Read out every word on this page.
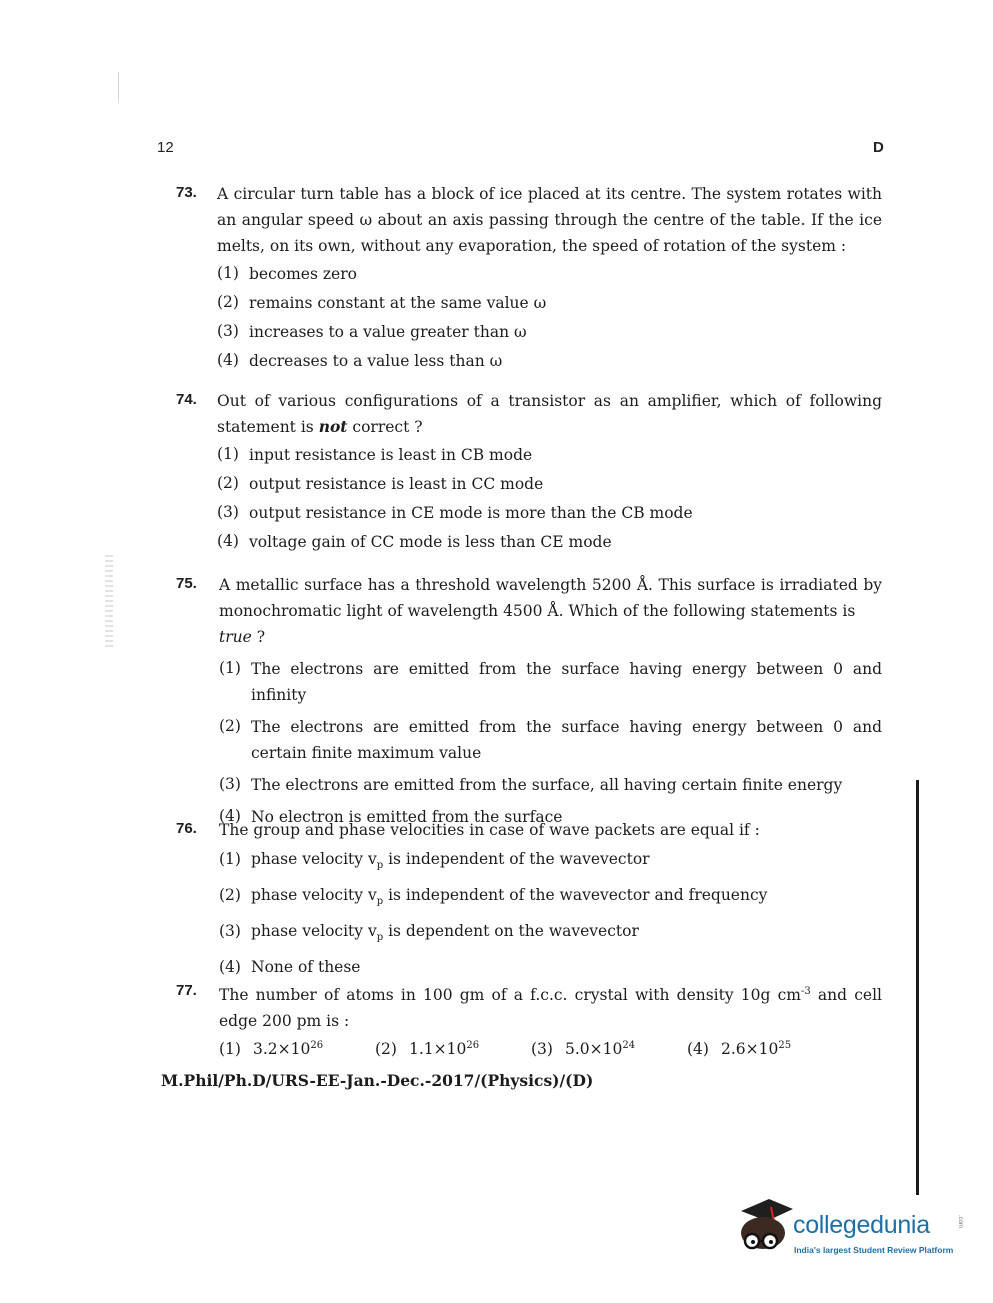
12	D
73. A circular turn table has a block of ice placed at its centre. The system rotates with an angular speed ω about an axis passing through the centre of the table. If the ice melts, on its own, without any evaporation, the speed of rotation of the system :
(1) becomes zero
(2) remains constant at the same value ω
(3) increases to a value greater than ω
(4) decreases to a value less than ω
74. Out of various configurations of a transistor as an amplifier, which of following statement is not correct ?
(1) input resistance is least in CB mode
(2) output resistance is least in CC mode
(3) output resistance in CE mode is more than the CB mode
(4) voltage gain of CC mode is less than CE mode
75. A metallic surface has a threshold wavelength 5200 Å. This surface is irradiated by monochromatic light of wavelength 4500 Å. Which of the following statements is
true ?
(1) The electrons are emitted from the surface having energy between 0 and infinity
(2) The electrons are emitted from the surface having energy between 0 and certain finite maximum value
(3) The electrons are emitted from the surface, all having certain finite energy
(4) No electron is emitted from the surface
76. The group and phase velocities in case of wave packets are equal if :
(1) phase velocity $v_p$ is independent of the wavevector
(2) phase velocity $v_p$ is independent of the wavevector and frequency
(3) phase velocity $v_p$ is dependent on the wavevector
(4) None of these
77. The number of atoms in 100 gm of a f.c.c. crystal with density 10g $cm^{-3}$ and cell edge 200 pm is :
(1) $3.2\times 10^{26}$	(2) $1.1\times 10^{26}$	(3) $5.0\times 10^{24}$	(4) $2.6\times 10^{25}$
M.Phil/Ph.D/URS-EE-Jan.-Dec.-2017/(Physics)/(D)
collegedunia	.com
India's largest Student Review Platform
